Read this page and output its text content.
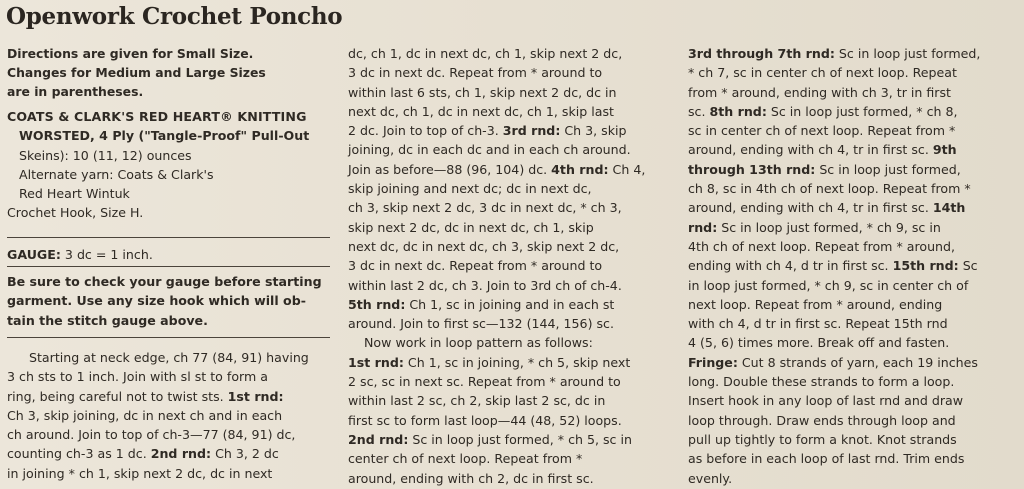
Openwork Crochet Poncho

Directions are given for Small Size.

Changes for Medium and Large Sizes

are in parentheses.

COATS & CLARK'S RED HEART® KNITTING

WORSTED, 4 Ply ("Tangle-Proof" Pull-Out

Skeins): 10 (11, 12) ounces

Alternate yarn: Coats & Clark's

Red Heart Wintuk

Crochet Hook, Size H.

GAUGE: 3 dc = 1 inch.

Be sure to check your gauge before starting

garment. Use any size hook which will ob-

tain the stitch gauge above.

Starting at neck edge, ch 77 (84, 91) having

3 ch sts to 1 inch. Join with sl st to form a

ring, being careful not to twist sts. 1st rnd:

Ch 3, skip joining, dc in next ch and in each

ch around. Join to top of ch-3—77 (84, 91) dc,

counting ch-3 as 1 dc. 2nd rnd: Ch 3, 2 dc

in joining * ch 1, skip next 2 dc, dc in next

dc, ch 1, dc in next dc, ch 1, skip next 2 dc,

3 dc in next dc. Repeat from * around to

within last 6 sts, ch 1, skip next 2 dc, dc in

next dc, ch 1, dc in next dc, ch 1, skip last

2 dc. Join to top of ch-3. 3rd rnd: Ch 3, skip

joining, dc in each dc and in each ch around.

Join as before—88 (96, 104) dc. 4th rnd: Ch 4,

skip joining and next dc; dc in next dc,

ch 3, skip next 2 dc, 3 dc in next dc, * ch 3,

skip next 2 dc, dc in next dc, ch 1, skip

next dc, dc in next dc, ch 3, skip next 2 dc,

3 dc in next dc. Repeat from * around to

within last 2 dc, ch 3. Join to 3rd ch of ch-4.

5th rnd: Ch 1, sc in joining and in each st

around. Join to first sc—132 (144, 156) sc.

Now work in loop pattern as follows:

1st rnd: Ch 1, sc in joining, * ch 5, skip next

2 sc, sc in next sc. Repeat from * around to

within last 2 sc, ch 2, skip last 2 sc, dc in

first sc to form last loop—44 (48, 52) loops.

2nd rnd: Sc in loop just formed, * ch 5, sc in

center ch of next loop. Repeat from *

around, ending with ch 2, dc in first sc.

3rd through 7th rnd: Sc in loop just formed,

* ch 7, sc in center ch of next loop. Repeat

from * around, ending with ch 3, tr in first

sc. 8th rnd: Sc in loop just formed, * ch 8,

sc in center ch of next loop. Repeat from *

around, ending with ch 4, tr in first sc. 9th

through 13th rnd: Sc in loop just formed,

ch 8, sc in 4th ch of next loop. Repeat from *

around, ending with ch 4, tr in first sc. 14th

rnd: Sc in loop just formed, * ch 9, sc in

4th ch of next loop. Repeat from * around,

ending with ch 4, d tr in first sc. 15th rnd: Sc

in loop just formed, * ch 9, sc in center ch of

next loop. Repeat from * around, ending

with ch 4, d tr in first sc. Repeat 15th rnd

4 (5, 6) times more. Break off and fasten.

Fringe: Cut 8 strands of yarn, each 19 inches

long. Double these strands to form a loop.

Insert hook in any loop of last rnd and draw

loop through. Draw ends through loop and

pull up tightly to form a knot. Knot strands

as before in each loop of last rnd. Trim ends

evenly.
